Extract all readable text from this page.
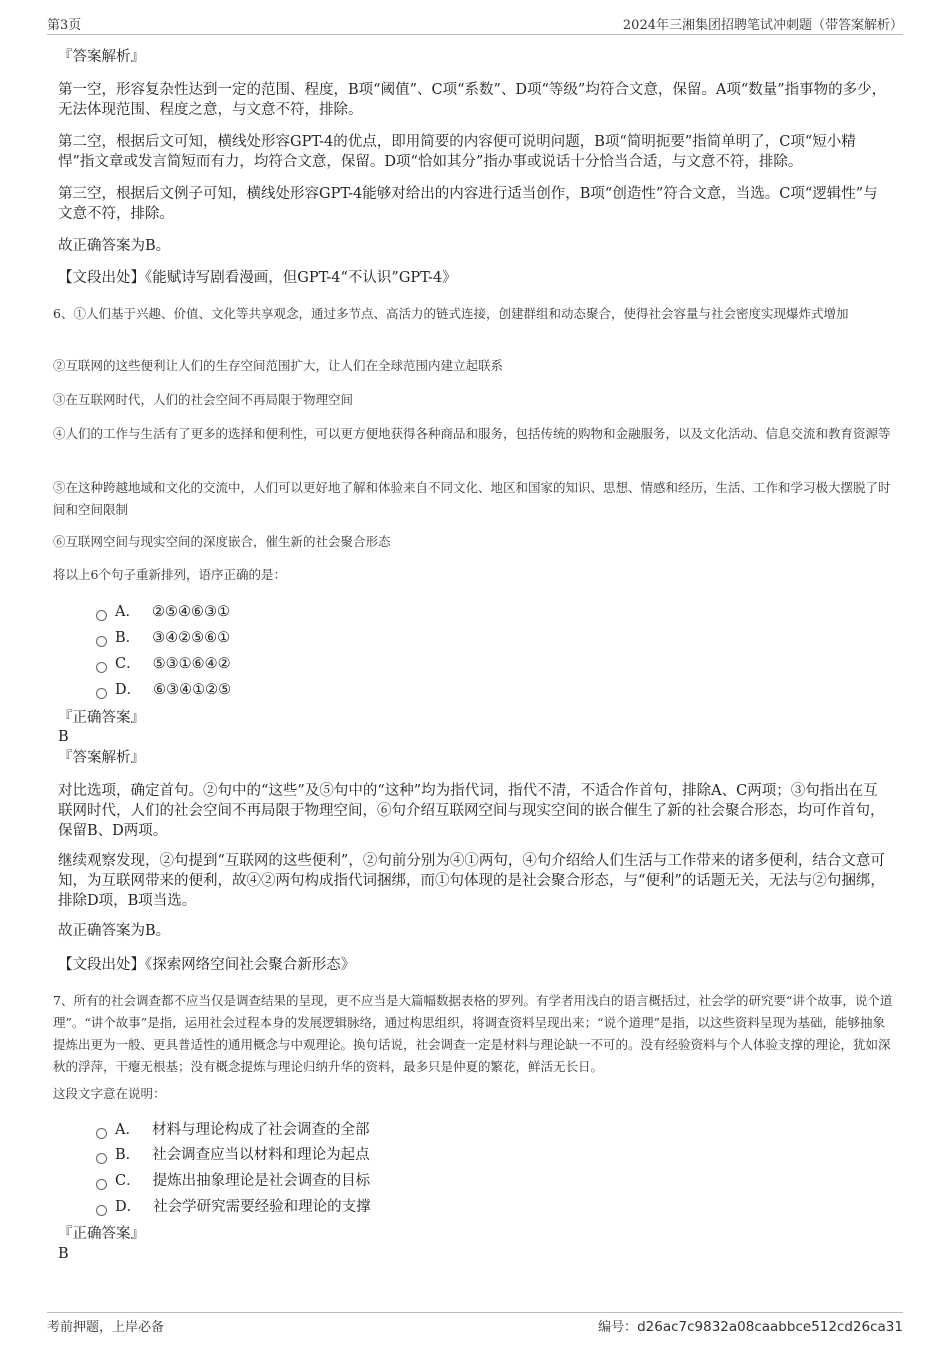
第3页	2024年三湘集团招聘笔试冲刺题（带答案解析）
『答案解析』

第一空，形容复杂性达到一定的范围、程度，B项“阈值”、C项“系数”、D项“等级”均符合文意，保留。A项“数量”指事物的多少，无法体现范围、程度之意，与文意不符，排除。

第二空，根据后文可知，横线处形容GPT-4的优点，即用简要的内容便可说明问题，B项“简明扼要”指简单明了，C项“短小精悍”指文章或发言简短而有力，均符合文意，保留。D项“恰如其分”指办事或说话十分恰当合适，与文意不符，排除。

第三空，根据后文例子可知，横线处形容GPT-4能够对给出的内容进行适当创作，B项“创造性”符合文意，当选。C项“逻辑性”与文意不符，排除。

故正确答案为B。
【文段出处】《能赋诗写剧看漫画，但GPT-4“不认识”GPT-4》

6、①人们基于兴趣、价值、文化等共享观念，通过多节点、高活力的链式连接，创建群组和动态聚合，使得社会容量与社会密度实现爆炸式增加

②互联网的这些便利让人们的生存空间范围扩大，让人们在全球范围内建立起联系

③在互联网时代，人们的社会空间不再局限于物理空间

④人们的工作与生活有了更多的选择和便利性，可以更方便地获得各种商品和服务，包括传统的购物和金融服务，以及文化活动、信息交流和教育资源等

⑤在这种跨越地域和文化的交流中，人们可以更好地了解和体验来自不同文化、地区和国家的知识、思想、情感和经历，生活、工作和学习极大摆脱了时间和空间限制

⑥互联网空间与现实空间的深度嵌合，催生新的社会聚合形态

将以上6个句子重新排列，语序正确的是：

A． ②⑤④⑥③①
B． ③④②⑤⑥①
C． ⑤③①⑥④②
D． ⑥③④①②⑤
『正确答案』
B
『答案解析』

对比选项，确定首句。②句中的“这些”及⑤句中的“这种”均为指代词，指代不清，不适合作首句，排除A、C两项；③句指出在互联网时代，人们的社会空间不再局限于物理空间，⑥句介绍互联网空间与现实空间的嵌合催生了新的社会聚合形态，均可作首句，保留B、D两项。

继续观察发现，②句提到“互联网的这些便利”，②句前分别为④①两句，④句介绍给人们生活与工作带来的诸多便利，结合文意可知，为互联网带来的便利，故④②两句构成指代词捆绑，而①句体现的是社会聚合形态，与“便利”的话题无关，无法与②句捆绑，排除D项，B项当选。

故正确答案为B。
【文段出处】《探索网络空间社会聚合新形态》

7、所有的社会调查都不应当仅是调查结果的呈现，更不应当是大篇幅数据表格的罗列。有学者用浅白的语言概括过，社会学的研究要“讲个故事，说个道理”。“讲个故事”是指，运用社会过程本身的发展逻辑脉络，通过构思组织，将调查资料呈现出来；“说个道理”是指，以这些资料呈现为基础，能够抽象提炼出更为一般、更具普适性的通用概念与中观理论。换句话说，社会调查一定是材料与理论缺一不可的。没有经验资料与个人体验支撑的理论，犹如深秋的浮萍，干瘪无根基；没有概念提炼与理论归纳升华的资料，最多只是仲夏的繁花，鲜活无长日。

这段文字意在说明：

A． 材料与理论构成了社会调查的全部
B． 社会调查应当以材料和理论为起点
C． 提炼出抽象理论是社会调查的目标
D． 社会学研究需要经验和理论的支撑
『正确答案』
B
考前押题，上岸必备	编号：d26ac7c9832a08caabbce512cd26ca31
